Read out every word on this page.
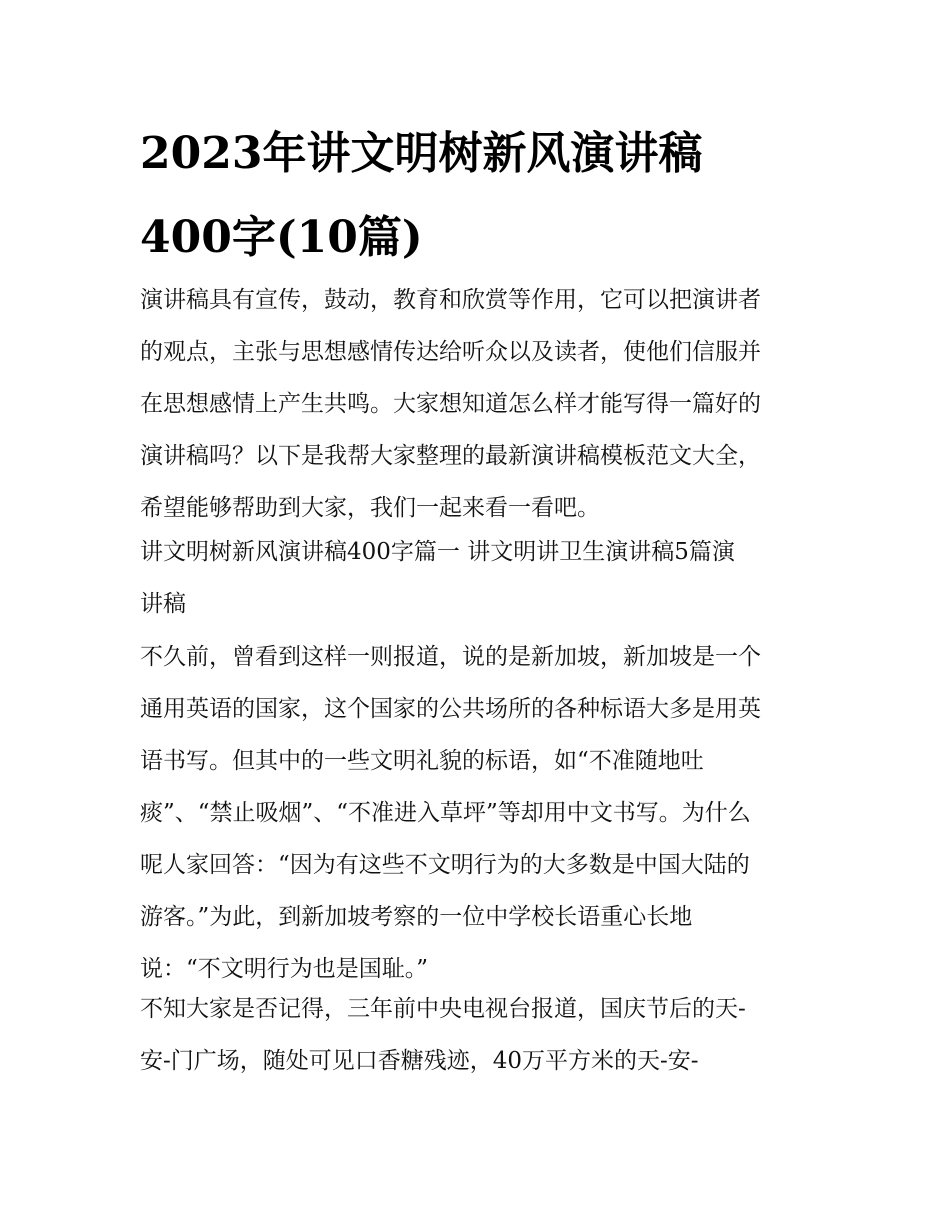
2023年讲文明树新风演讲稿
400字(10篇)
演讲稿具有宣传，鼓动，教育和欣赏等作用，它可以把演讲者
的观点，主张与思想感情传达给听众以及读者，使他们信服并
在思想感情上产生共鸣。大家想知道怎么样才能写得一篇好的
演讲稿吗？以下是我帮大家整理的最新演讲稿模板范文大全，
希望能够帮助到大家，我们一起来看一看吧。
讲文明树新风演讲稿400字篇一 讲文明讲卫生演讲稿5篇演
讲稿
不久前，曾看到这样一则报道，说的是新加坡，新加坡是一个
通用英语的国家，这个国家的公共场所的各种标语大多是用英
语书写。但其中的一些文明礼貌的标语，如“不准随地吐
痰”、“禁止吸烟”、“不准进入草坪”等却用中文书写。为什么
呢人家回答：“因为有这些不文明行为的大多数是中国大陆的
游客。”为此，到新加坡考察的一位中学校长语重心长地
说：“不文明行为也是国耻。”
不知大家是否记得，三年前中央电视台报道，国庆节后的天-
安-门广场，随处可见口香糖残迹，40万平方米的天-安-
